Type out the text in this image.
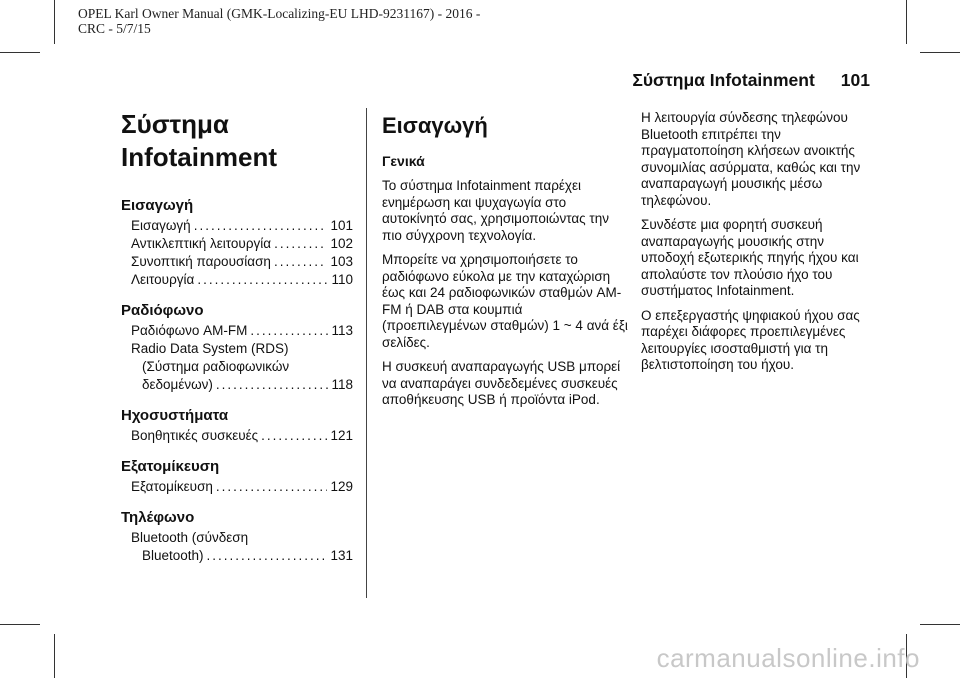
OPEL Karl Owner Manual (GMK-Localizing-EU LHD-9231167) - 2016 -
CRC - 5/7/15
Σύστημα Infotainment 101
Σύστημα
Infotainment
Εισαγωγή
Εισαγωγή .....	101
Αντικλεπτική λειτουργία .....	102
Συνοπτική παρουσίαση .....	103
Λειτουργία .....	110
Ραδιόφωνο
Ραδιόφωνο AM-FM .....	113
Radio Data System (RDS)
(Σύστημα ραδιοφωνικών
δεδομένων) .....	118
Ηχοσυστήματα
Βοηθητικές συσκευές .....	121
Εξατομίκευση
Εξατομίκευση .....	129
Τηλέφωνο
Bluetooth (σύνδεση
Bluetooth) .....	131
Εισαγωγή
Γενικά

Το σύστημα Infotainment παρέχει ενημέρωση και ψυχαγωγία στο αυτοκίνητό σας, χρησιμοποιώντας την πιο σύγχρονη τεχνολογία.

Μπορείτε να χρησιμοποιήσετε το ραδιόφωνο εύκολα με την καταχώριση έως και 24 ραδιοφωνικών σταθμών AM-FM ή DAB στα κουμπιά (προεπιλεγμένων σταθμών) 1 ~ 4 ανά έξι σελίδες.

Η συσκευή αναπαραγωγής USB μπορεί να αναπαράγει συνδεδεμένες συσκευές αποθήκευσης USB ή προϊόντα iPod.

Η λειτουργία σύνδεσης τηλεφώνου Bluetooth επιτρέπει την πραγματοποίηση κλήσεων ανοικτής συνομιλίας ασύρματα, καθώς και την αναπαραγωγή μουσικής μέσω τηλεφώνου.

Συνδέστε μια φορητή συσκευή αναπαραγωγής μουσικής στην υποδοχή εξωτερικής πηγής ήχου και απολαύστε τον πλούσιο ήχο του συστήματος Infotainment.

Ο επεξεργαστής ψηφιακού ήχου σας παρέχει διάφορες προεπιλεγμένες λειτουργίες ισοσταθμιστή για τη βελτιστοποίηση του ήχου.

carmanualsonline.info
